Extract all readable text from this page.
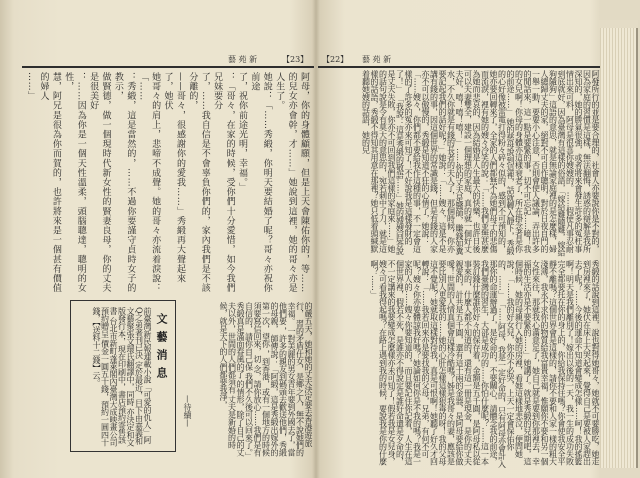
藝 苑 新	【23】

阿母，你的身體顧願，但是上天會陳佑你的，等……

的兒女亦會幹，才……」她說到這裡，她的哥々亦是人生了。

她說：「……秀緞，你明天要結婚了呢？哥々亦祝你前途

了，祝你前途光明，幸福。」

：「哥々，在家的時候，受你們十分愛惜，如今我們兄妹要分

了，……我自信是不會辜負你們的，家內我們是不該分離的，

——哥々，很感謝你的愛我……」秀緞再大聲起來了，她伏

她哥々的肩上，悲啼不成聲。她的哥々亦流着淚說：「……

：秀緞，這是當然的，……不過你要謹守貞時女子的教示，

做賢德，做一個現時代新女性的賢妻良母，你的丈夫是很美好

：……因為你是一個天性溫柔，頭腦聰達，聰明的女性，

慧，阿兄是很為你而賀的，也許將來是一個甚有價值的婦人

……」

文藝消息

前臺灣新民報連載小說「可愛的仇人」阿Q之弟著刊已決

定於最近，目下由嘉義和文藝聚張文環氏翻譯中，同時

亦決定和文版發行本，現在印刷中，書店預約寄售該書

台北市新町蓬萊閣內臺灣大成映畫公司預約贈呈

價金一圓五十錢，預約一圓四十錢，【送料十二錢】云。

—待續—	的嚴五天，她和她的丈夫決定要去香港遊旅行，

習的矛盾仕女，是鄉之人，無不說她們的幸福。

一對美麗的男女青年要到外國去了，當他們要

，許多的親友到碼頭去歡送他們，秀緞的母親，

師傳說：「阿緞，這是秀緞出嫁外的第一次，望你

，到香港，或有一個地方的時候須要寫信回來，切

念，請你放心……我們是有自信的，請你自己保

我們不久後可以回來了。」秀緞真是滿面春風的了

的情形，除了自己的丈夫以外，世間的人們都須有

丈夫是新婚的時候，就是天下的人們都要我淨，

【22】 藝 苑 新

阿發所行的並是要合理的，社會人亦要說你是不對的，因為家庭的習慣是這樣，無法翻悔，誘惑的辯解是我所深知的，她的勝氣很強，或者將來會發生許多的冤枉事情出來可料，阿母是很喜你嫂嫂的。……假使凡事忍耐到底就好，因為臺灣有這樣的俗語，「嫁給雞隨雞，嫁給狗隨狗」這語的意思，就是無論家庭裡的是怎麼樣，婦人總歸丈夫的家，絕對不可自作聰明，對於日夜自門的一舉一動，要要小心注意，否則會使人議論，弄出許多的閒話來，這一點是要緊的事，切不可忘記……噫！我的女兒啊！你母的身體亦這樣衰老了，所在掛念者是你的前途……」

她的慈母說到這裡，話就轉入靜下，秀緞的心好像被雷電打得粉々碎々似的，感到不可預知的，她亦要回轉來了，全家的人們都無不為她們母子的悲傷而流淚，裡有她的嫂々冷笑的說：「……我們並無甚麼為她而悲哀的，因為結婚是人生最大的快樂，也許日後可以夫妻雙全，建設一個理想的家庭，真的就一個好丈夫好，嘻！嘻！嘻！」

……你的丈夫是醫師，賺錢如糞水，不久你就是有錢的長者的夫人了，那個時候，你亦要記起我們的話好呢？」她說：「……嫂々，這是不是講有錢的事，因這個世界的常識是錢，但是有錢的人家亦不可以傲慢的，秀緞是知道不狂的心情了，她說：「……嫂々，你們都不要給我作這種的事，不一定會這樣的了許多的冤亦來可知了！不好說我是這樣發財的了！」

「我說：這是秀緞的敬語……」她的嫂嫂回答說是丈夫失敗，你亦不可回到我們這樣的家庭來……」她的話句說是令有莫大的意思的，宛若刺中了刀，就是這樣的話語，秀緞不得知其用意在那裡？她只低着頭緘默着聽她嫂的話語，她的兒

秀緞的話說到這裡，說也對得她哥々，她就不可要勝吃，她走到房裡來了，她伏在床上大哭起來，覺得自己是要被人家趕出去了呢？……今後的運命不知道會變成怎樣……呵！我的搖籃啊！明天是我們離別了！嫁出以後的一天，我一生的成功失敗完全都要托在你的身上的，你給我保持住嗎？你會使我安全平靜不離嗎？這個世界會是這樣的，請你不要和人家一樣的粗大淺薄，我永不求你的物質給我富貴幸福，惟願你不要和另一個女性來往，那就我心滿意足了，她自己就是要到你那裡去，幸福的生活亦是不要緊的……」她講了。就是秀緞的兒期吧，這個時候，她的母親行入她的房裡，看她這樣地悲泣，便問她說：「……我的好女兒，你亦不必哭，上天一定會保佑你的，……」

「……阿母，我是一定好命的，只有阿母亦會計入那你的命運辦過了，是好命的，不要關心，請體念我的前途，我們臺灣的習生，大部是成功的……你怕什麼呢？……這一本裝訂錢什麼誰你好々的保存着，金額是五千圓，是阿母私以從事來的，什麼人都不知道的，還有這一冊是現金，是你的丈夫親愛的，計共是五千圓，還有這十兩的金器，是阿母要給你做

噯！世間的人情真個會這樣冷酷嗎？姊是我哥々的妻，應該是要比別人更愛我的……她的心肝怎樣這樣狠毒的呀！我的父母這不覺呢？她就取這樣對待我，真是可恨啊！她聽了好久才回轉說：「……我若回來亦是要找我的父母，兄弟，有何不可呢？嫂々你亦要體諒我好嗎？她論如何你是不我的嗎？我是一家的人的……嫂々你要知道的，而且要記住你記着，人生在這個世界裡，假若不死，是誰亦不得說定是誰好命還是歹命的，不一定講來的我要變成怎麼樣亦未可知了！假若我是女兒身，嫂々可看我得起嗎？在路上遇到我的時候，要說我是你的什麼啊？……」
